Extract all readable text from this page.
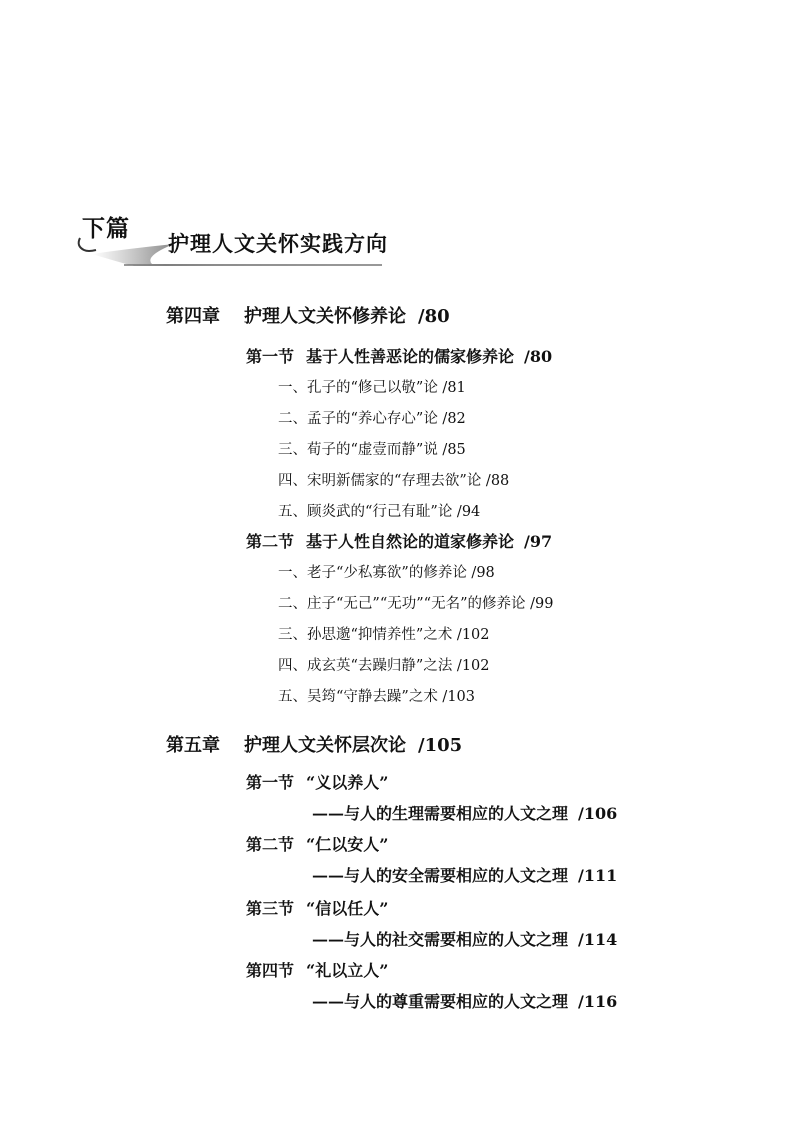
下篇
护理人文关怀实践方向
第四章 护理人文关怀修养论 /80
第一节 基于人性善恶论的儒家修养论 /80
一、孔子的“修己以敬”论 /81
二、孟子的“养心存心”论 /82
三、荀子的“虚壹而静”说 /85
四、宋明新儒家的“存理去欲”论 /88
五、顾炎武的“行己有耻”论 /94
第二节 基于人性自然论的道家修养论 /97
一、老子“少私寡欲”的修养论 /98
二、庄子“无己”“无功”“无名”的修养论 /99
三、孙思邈“抑情养性”之术 /102
四、成玄英“去躁归静”之法 /102
五、吴筠“守静去躁”之术 /103
第五章 护理人文关怀层次论 /105
第一节 “义以养人”
——与人的生理需要相应的人文之理 /106
第二节 “仁以安人”
——与人的安全需要相应的人文之理 /111
第三节 “信以任人”
——与人的社交需要相应的人文之理 /114
第四节 “礼以立人”
——与人的尊重需要相应的人文之理 /116
